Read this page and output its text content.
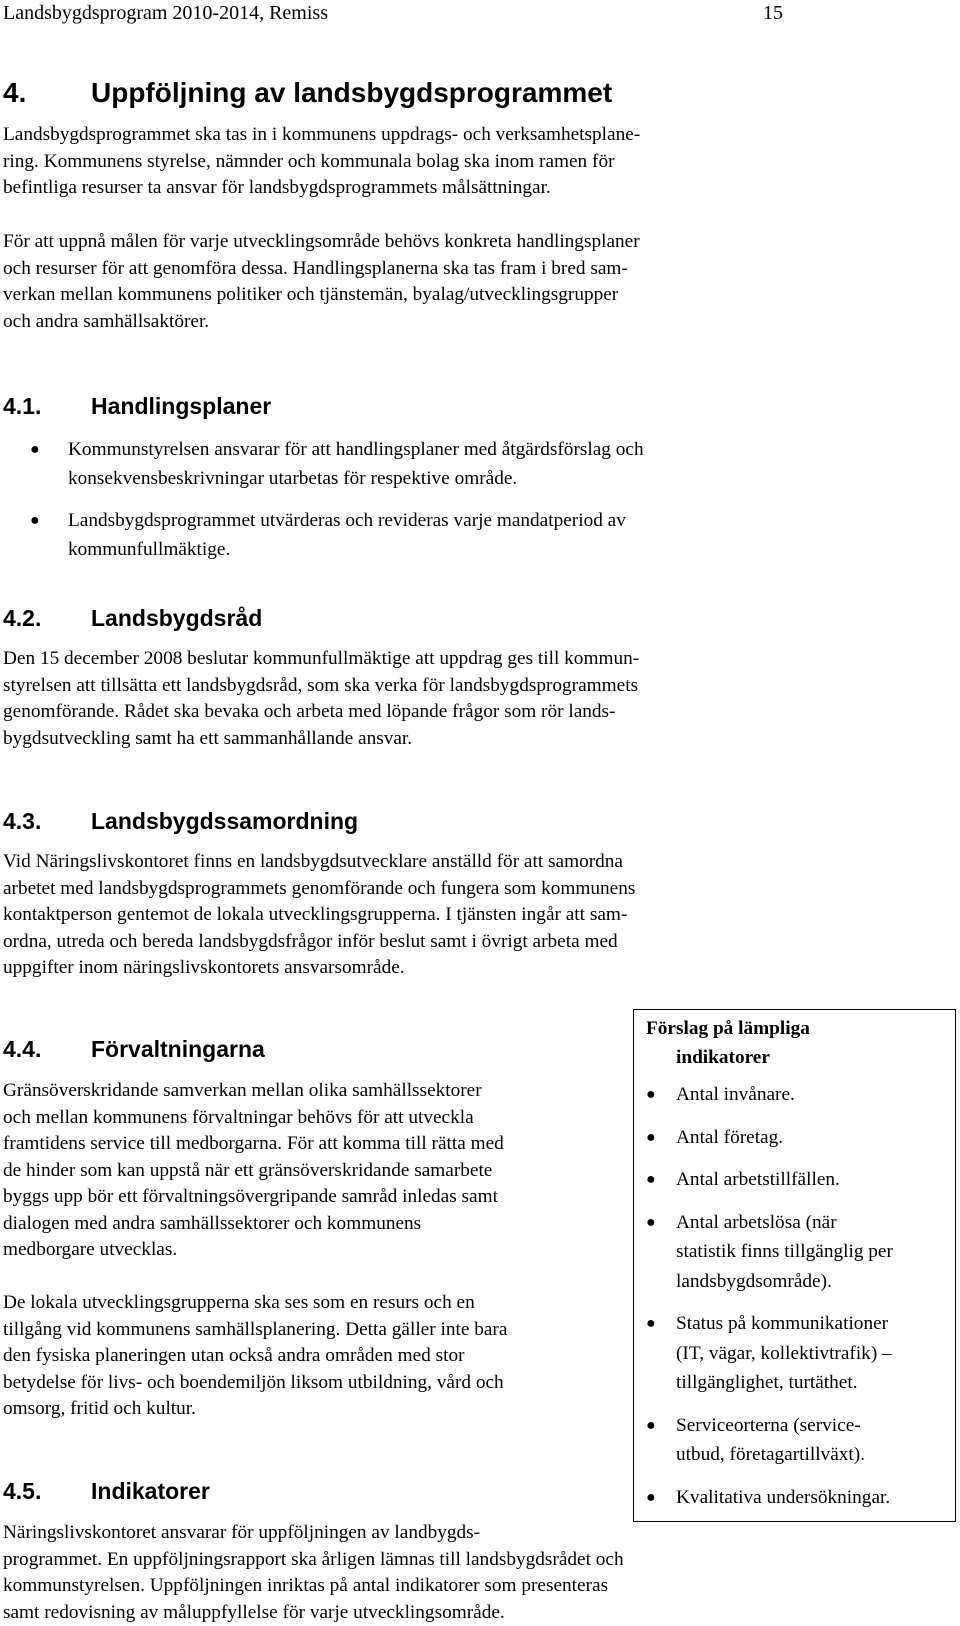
Landsbygdsprogram 2010-2014, Remiss	15
4. Uppföljning av landsbygdsprogrammet

Landsbygdsprogrammet ska tas in i kommunens uppdrags- och verksamhetsplane-
ring. Kommunens styrelse, nämnder och kommunala bolag ska inom ramen för
befintliga resurser ta ansvar för landsbygdsprogrammets målsättningar.

För att uppnå målen för varje utvecklingsområde behövs konkreta handlingsplaner
och resurser för att genomföra dessa. Handlingsplanerna ska tas fram i bred sam-
verkan mellan kommunens politiker och tjänstemän, byalag/utvecklingsgrupper
och andra samhällsaktörer.

4.1. Handlingsplaner
● Kommunstyrelsen ansvarar för att handlingsplaner med åtgärdsförslag och
konsekvensbeskrivningar utarbetas för respektive område.
● Landsbygdsprogrammet utvärderas och revideras varje mandatperiod av
kommunfullmäktige.
4.2. Landsbygdsråd

Den 15 december 2008 beslutar kommunfullmäktige att uppdrag ges till kommun-
styrelsen att tillsätta ett landsbygdsråd, som ska verka för landsbygdsprogrammets
genomförande. Rådet ska bevaka och arbeta med löpande frågor som rör lands-
bygdsutveckling samt ha ett sammanhållande ansvar.

4.3. Landsbygdssamordning

Vid Näringslivskontoret finns en landsbygdsutvecklare anställd för att samordna
arbetet med landsbygdsprogrammets genomförande och fungera som kommunens
kontaktperson gentemot de lokala utvecklingsgrupperna. I tjänsten ingår att sam-
ordna, utreda och bereda landsbygdsfrågor inför beslut samt i övrigt arbeta med
uppgifter inom näringslivskontorets ansvarsområde.

4.4. Förvaltningarna

Gränsöverskridande samverkan mellan olika samhällssektorer
och mellan kommunens förvaltningar behövs för att utveckla
framtidens service till medborgarna. För att komma till rätta med
de hinder som kan uppstå när ett gränsöverskridande samarbete
byggs upp bör ett förvaltningsövergripande samråd inledas samt
dialogen med andra samhällssektorer och kommunens
medborgare utvecklas.

De lokala utvecklingsgrupperna ska ses som en resurs och en
tillgång vid kommunens samhällsplanering. Detta gäller inte bara
den fysiska planeringen utan också andra områden med stor
betydelse för livs- och boendemiljön liksom utbildning, vård och
omsorg, fritid och kultur.

4.5. Indikatorer

Näringslivskontoret ansvarar för uppföljningen av landbygds-
programmet. En uppföljningsrapport ska årligen lämnas till landsbygdsrådet och
kommunstyrelsen. Uppföljningen inriktas på antal indikatorer som presenteras
samt redovisning av måluppfyllelse för varje utvecklingsområde.

Förslag på lämpliga
indikatorer
● Antal invånare.
● Antal företag.
● Antal arbetstillfällen.
● Antal arbetslösa (när
statistik finns tillgänglig per
landsbygdsområde).
● Status på kommunikationer
(IT, vägar, kollektivtrafik) –
tillgänglighet, turtäthet.
● Serviceorterna (service-
utbud, företagartillväxt).
● Kvalitativa undersökningar.
